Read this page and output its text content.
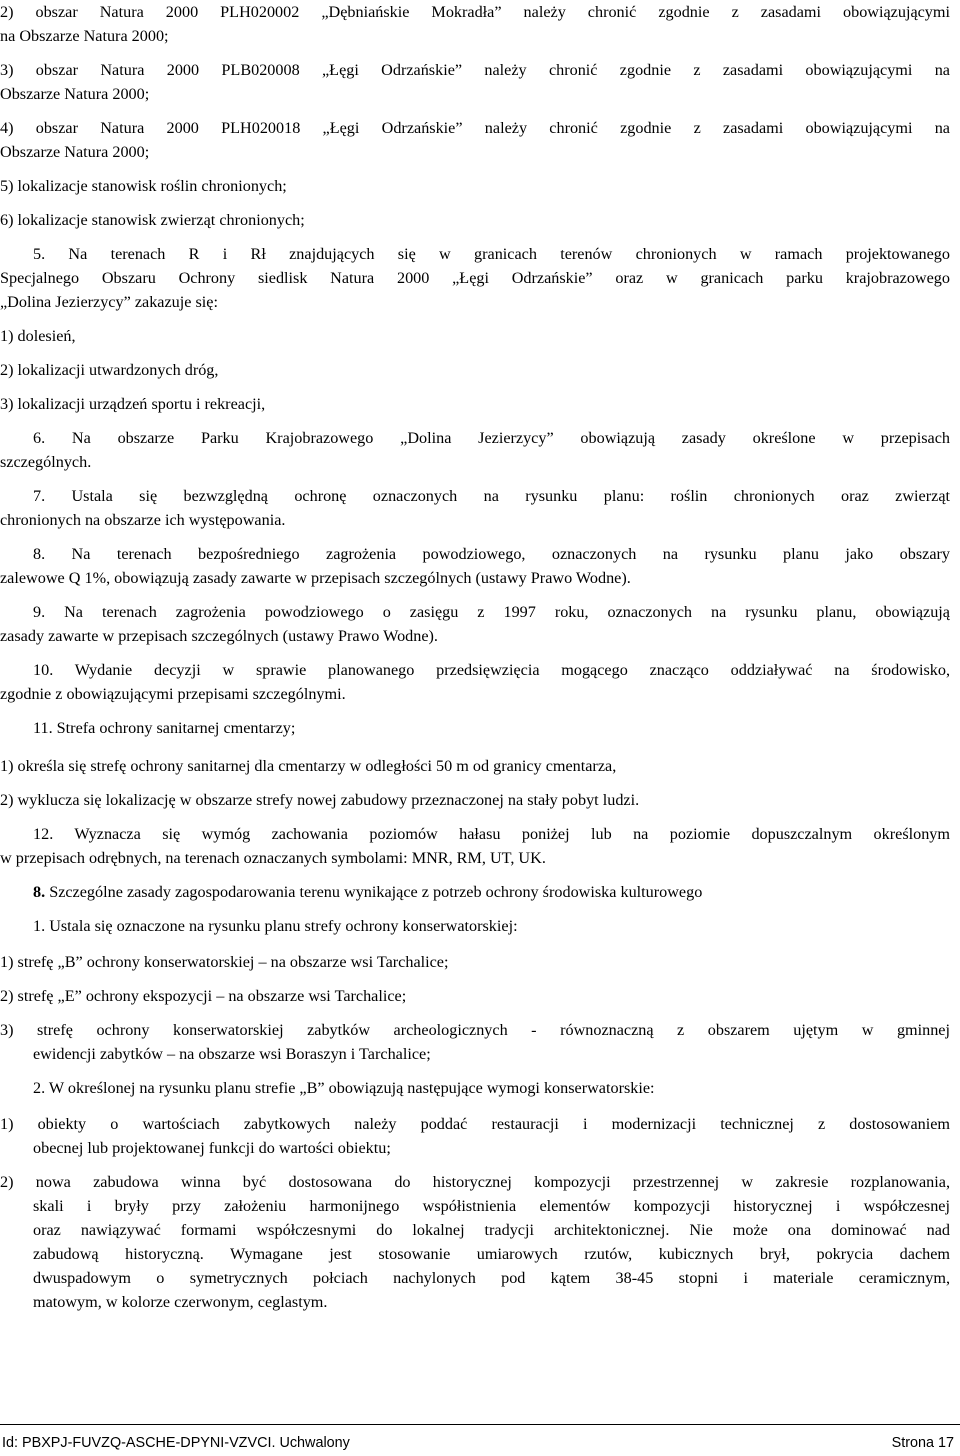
2) obszar Natura 2000 PLH020002 „Dębniańskie Mokradła” należy chronić zgodnie z zasadami obowiązującymi
na Obszarze Natura 2000;
3) obszar Natura 2000 PLB020008 „Łęgi Odrzańskie” należy chronić zgodnie z zasadami obowiązującymi na
Obszarze Natura 2000;
4) obszar Natura 2000 PLH020018 „Łęgi Odrzańskie” należy chronić zgodnie z zasadami obowiązującymi na
Obszarze Natura 2000;
5) lokalizacje stanowisk roślin chronionych;
6) lokalizacje stanowisk zwierząt chronionych;
5. Na terenach R i Rł znajdujących się w granicach terenów chronionych w ramach projektowanego
Specjalnego Obszaru Ochrony siedlisk Natura 2000 „Łęgi Odrzańskie” oraz w granicach parku krajobrazowego
„Dolina Jezierzycy” zakazuje się:
1) dolesień,
2) lokalizacji utwardzonych dróg,
3) lokalizacji urządzeń sportu i rekreacji,
6. Na obszarze Parku Krajobrazowego „Dolina Jezierzycy” obowiązują zasady określone w przepisach
szczególnych.
7. Ustala się bezwzględną ochronę oznaczonych na rysunku planu: roślin chronionych oraz zwierząt
chronionych na obszarze ich występowania.
8. Na terenach bezpośredniego zagrożenia powodziowego, oznaczonych na rysunku planu jako obszary
zalewowe Q 1%, obowiązują zasady zawarte w przepisach szczególnych (ustawy Prawo Wodne).
9. Na terenach zagrożenia powodziowego o zasięgu z 1997 roku, oznaczonych na rysunku planu, obowiązują
zasady zawarte w przepisach szczególnych (ustawy Prawo Wodne).
10. Wydanie decyzji w sprawie planowanego przedsięwzięcia mogącego znacząco oddziaływać na środowisko,
zgodnie z obowiązującymi przepisami szczególnymi.
11. Strefa ochrony sanitarnej cmentarzy;
1) określa się strefę ochrony sanitarnej dla cmentarzy w odległości 50 m od granicy cmentarza,
2) wyklucza się lokalizację w obszarze strefy nowej zabudowy przeznaczonej na stały pobyt ludzi.
12. Wyznacza się wymóg zachowania poziomów hałasu poniżej lub na poziomie dopuszczalnym określonym
w przepisach odrębnych, na terenach oznaczanych symbolami: MNR, RM, UT, UK.
8. Szczególne zasady zagospodarowania terenu wynikające z potrzeb ochrony środowiska kulturowego
1. Ustala się oznaczone na rysunku planu strefy ochrony konserwatorskiej:
1) strefę „B” ochrony konserwatorskiej – na obszarze wsi Tarchalice;
2) strefę „E” ochrony ekspozycji – na obszarze wsi Tarchalice;
3) strefę ochrony konserwatorskiej zabytków archeologicznych - równoznaczną z obszarem ujętym w gminnej
ewidencji zabytków – na obszarze wsi Boraszyn i Tarchalice;
2. W określonej na rysunku planu strefie „B” obowiązują następujące wymogi konserwatorskie:
1) obiekty o wartościach zabytkowych należy poddać restauracji i modernizacji technicznej z dostosowaniem
obecnej lub projektowanej funkcji do wartości obiektu;
2) nowa zabudowa winna być dostosowana do historycznej kompozycji przestrzennej w zakresie rozplanowania,
skali i bryły przy założeniu harmonijnego współistnienia elementów kompozycji historycznej i współczesnej
oraz nawiązywać formami współczesnymi do lokalnej tradycji architektonicznej. Nie może ona dominować nad
zabudową historyczną. Wymagane jest stosowanie umiarowych rzutów, kubicznych brył, pokrycia dachem
dwuspadowym o symetrycznych połciach nachylonych pod kątem 38-45 stopni i materiale ceramicznym,
matowym, w kolorze czerwonym, ceglastym.
Id: PBXPJ-FUVZQ-ASCHE-DPYNI-VZVCI. Uchwalony	Strona 17
